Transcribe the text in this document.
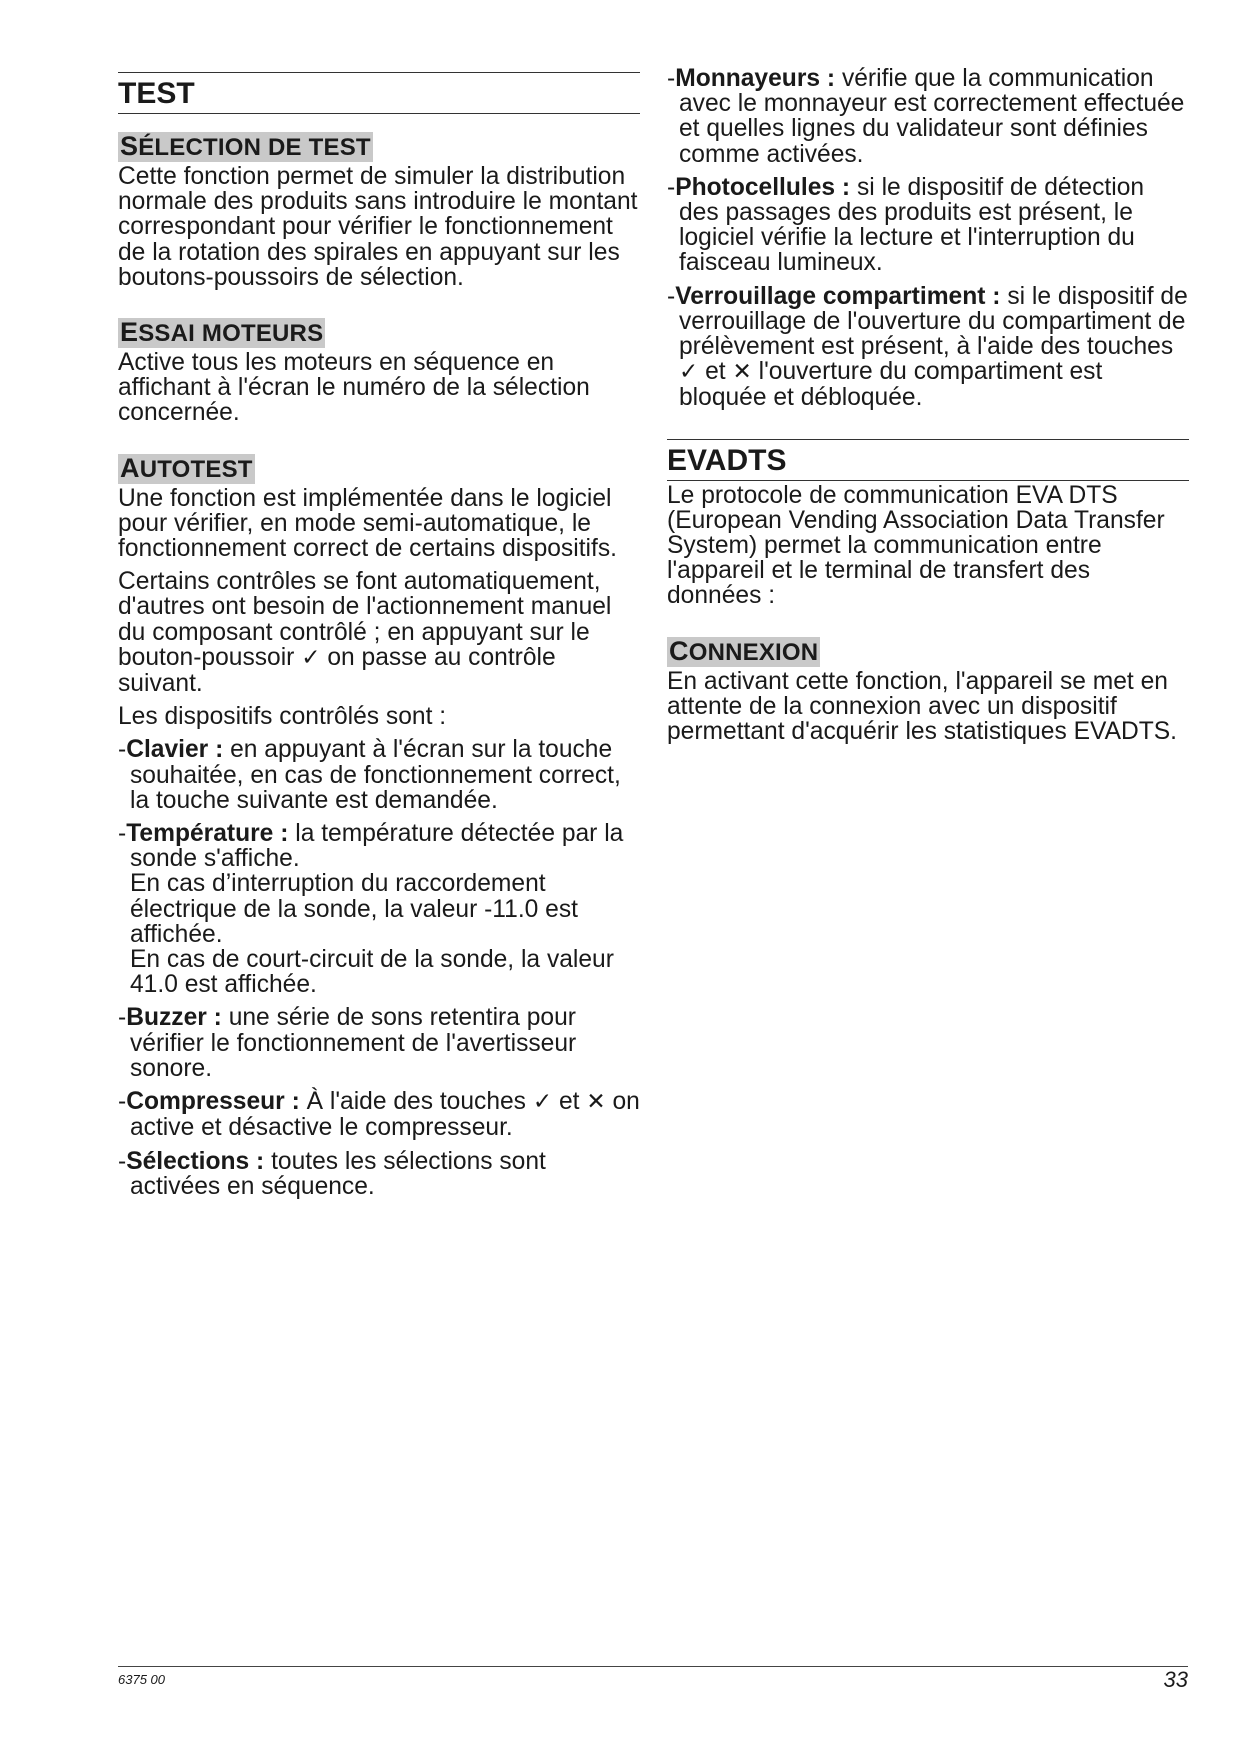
TEST
SÉLECTION DE TEST

Cette fonction permet de simuler la distribution normale des produits sans introduire le montant correspondant pour vérifier le fonctionnement de la rotation des spirales en appuyant sur les boutons-poussoirs de sélection.

ESSAI MOTEURS

Active tous les moteurs en séquence en affichant à l'écran le numéro de la sélection concernée.

AUTOTEST

Une fonction est implémentée dans le logiciel pour vérifier, en mode semi-automatique, le fonctionnement correct de certains dispositifs.

Certains contrôles se font automatiquement, d'autres ont besoin de l'actionnement manuel du composant contrôlé ; en appuyant sur le bouton-poussoir ✓ on passe au contrôle suivant.

Les dispositifs contrôlés sont :

-Clavier : en appuyant à l'écran sur la touche souhaitée, en cas de fonctionnement correct, la touche suivante est demandée.
-Température : la température détectée par la sonde s'affiche.
En cas d’interruption du raccordement électrique de la sonde, la valeur -11.0 est affichée.
En cas de court-circuit de la sonde, la valeur 41.0 est affichée.
-Buzzer : une série de sons retentira pour vérifier le fonctionnement de l'avertisseur sonore.
-Compresseur : À l'aide des touches ✓ et ✕ on active et désactive le compresseur.
-Sélections : toutes les sélections sont activées en séquence.
-Monnayeurs : vérifie que la communication avec le monnayeur est correctement effectuée et quelles lignes du validateur sont définies comme activées.
-Photocellules : si le dispositif de détection des passages des produits est présent, le logiciel vérifie la lecture et l'interruption du faisceau lumineux.
-Verrouillage compartiment : si le dispositif de verrouillage de l'ouverture du compartiment de prélèvement est présent, à l'aide des touches ✓ et ✕ l'ouverture du compartiment est bloquée et débloquée.
EVADTS

Le protocole de communication EVA DTS (European Vending Association Data Transfer System) permet la communication entre l'appareil et le terminal de transfert des données :

CONNEXION

En activant cette fonction, l'appareil se met en attente de la connexion avec un dispositif permettant d'acquérir les statistiques EVADTS.

6375 00	33
